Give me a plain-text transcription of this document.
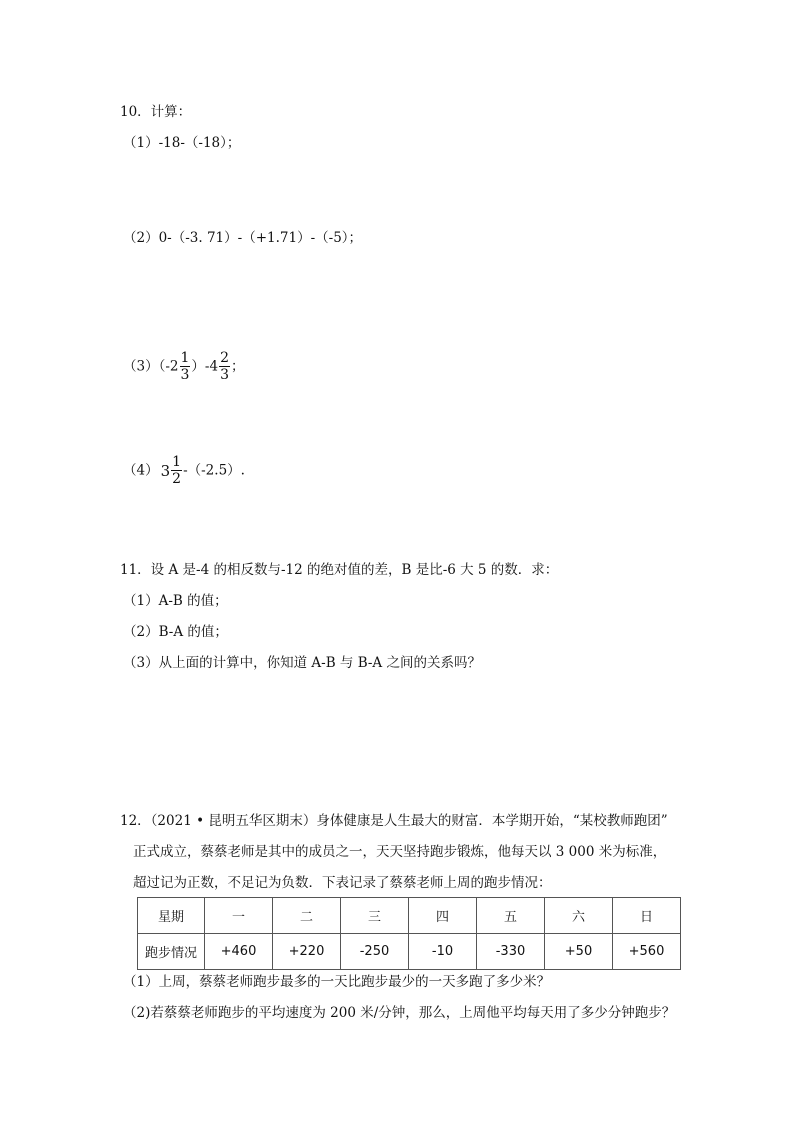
10．计算：
（1）-18-（-18）；
（2）0-（-3. 71）-（+1.71）-（-5）；
$(3)(-2 \frac{1}{3} )-4 \frac{2}{3}$ ；
（4） $3 \frac{1}{2} -(-2.5)$.
11．设 A 是-4 的相反数与-12 的绝对值的差，B 是比-6 大 5 的数．求：
（1）A-B 的值；
（2）B-A 的值；
（3）从上面的计算中，你知道 A-B 与 B-A 之间的关系吗？
12．（2021 • 昆明五华区期末）身体健康是人生最大的财富．本学期开始，“某校教师跑团”
正式成立，蔡蔡老师是其中的成员之一，天天坚持跑步锻炼，他每天以 3 000 米为标准，
超过记为正数，不足记为负数．下表记录了蔡蔡老师上周的跑步情况：
星期	一	二	三	四	五	六	日
跑步情况	+460	+220	-250	-10	-330	+50	+560
（1）上周，蔡蔡老师跑步最多的一天比跑步最少的一天多跑了多少米？
（2)若蔡蔡老师跑步的平均速度为 200 米/分钟，那么，上周他平均每天用了多少分钟跑步？
